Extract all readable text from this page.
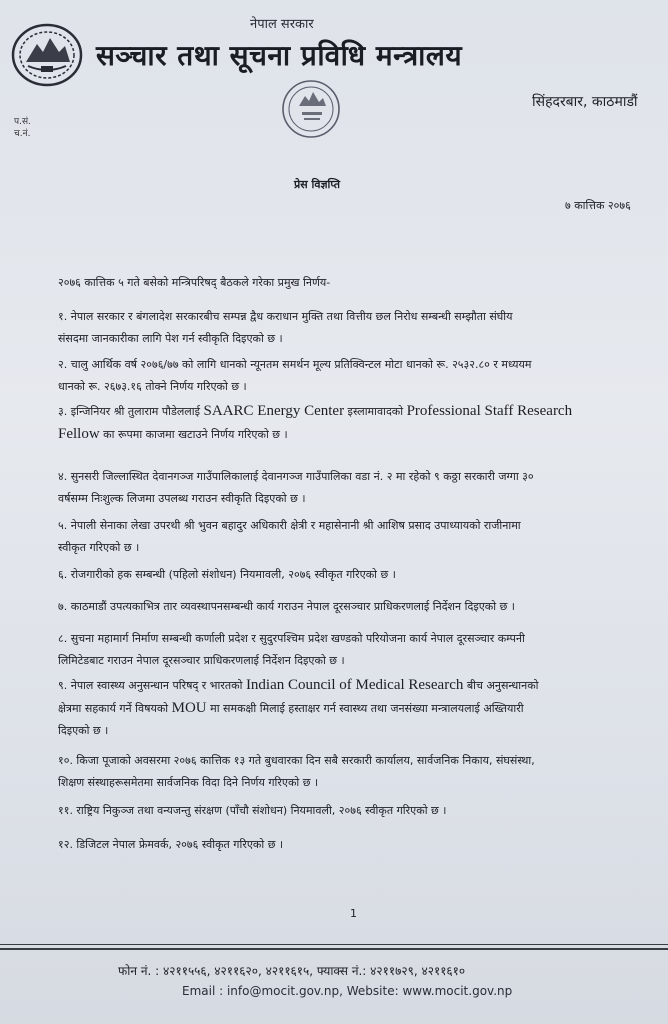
नेपाल सरकार
सञ्चार तथा सूचना प्रविधि मन्त्रालय
सिंहदरबार, काठमाडौं
प.सं.
च.नं.
प्रेस विज्ञप्ति
७ कात्तिक २०७६
२०७६ कात्तिक ५ गते बसेको मन्त्रिपरिषद् बैठकले गरेका प्रमुख निर्णय-
१. नेपाल सरकार र बंगलादेश सरकारबीच सम्पन्न द्वैध कराधान मुक्ति तथा वित्तीय छल निरोध सम्बन्धी सम्झौता संघीय
संसदमा जानकारीका लागि पेश गर्न स्वीकृति दिइएको छ ।
२. चालु आर्थिक वर्ष २०७६/७७ को लागि धानको न्यूनतम समर्थन मूल्य प्रतिक्विन्टल मोटा धानको रू. २५३२.८० र मध्ययम
धानको रू. २६७३.१६ तोक्ने निर्णय गरिएको छ ।
३. इन्जिनियर श्री तुलाराम पौडेललाई SAARC Energy Center इस्लामावादको Professional Staff Research
Fellow का रूपमा काजमा खटाउने निर्णय गरिएको छ ।
४. सुनसरी जिल्लास्थित देवानगञ्ज गाउँपालिकालाई देवानगञ्ज गाउँपालिका वडा नं. २ मा रहेको ९ कठ्ठा सरकारी जग्गा ३०
वर्षसम्म निःशुल्क लिजमा उपलब्ध गराउन स्वीकृति दिइएको छ ।
५. नेपाली सेनाका लेखा उपरथी श्री भुवन बहादुर अधिकारी क्षेत्री र महासेनानी श्री आशिष प्रसाद उपाध्यायको राजीनामा
स्वीकृत गरिएको छ ।
६. रोजगारीको हक सम्बन्धी (पहिलो संशोधन) नियमावली, २०७६ स्वीकृत गरिएको छ ।
७. काठमाडौं उपत्यकाभित्र तार व्यवस्थापनसम्बन्धी कार्य गराउन नेपाल दूरसञ्चार प्राधिकरणलाई निर्देशन दिइएको छ ।
८. सुचना महामार्ग निर्माण सम्बन्धी कर्णाली प्रदेश र सुदुरपश्चिम प्रदेश खण्डको परियोजना कार्य नेपाल दूरसञ्चार कम्पनी
लिमिटेडबाट गराउन नेपाल दूरसञ्चार प्राधिकरणलाई निर्देशन दिइएको छ ।
९. नेपाल स्वास्थ्य अनुसन्धान परिषद् र भारतको Indian Council of Medical Research बीच अनुसन्धानको
क्षेत्रमा सहकार्य गर्ने विषयको MOU मा समकक्षी मिलाई हस्ताक्षर गर्न स्वास्थ्य तथा जनसंख्या मन्त्रालयलाई अख्तियारी
दिइएको छ ।
१०. किजा पूजाको अवसरमा २०७६ कात्तिक १३ गते बुधवारका दिन सबै सरकारी कार्यालय, सार्वजनिक निकाय, संघसंस्था,
शिक्षण संस्थाहरूसमेतमा सार्वजनिक विदा दिने निर्णय गरिएको छ ।
११. राष्ट्रिय निकुञ्ज तथा वन्यजन्तु संरक्षण (पाँचौ संशोधन) नियमावली, २०७६ स्वीकृत गरिएको छ ।
१२. डिजिटल नेपाल फ्रेमवर्क, २०७६ स्वीकृत गरिएको छ ।
1
फोन नं. : ४२११५५६, ४२११६२०, ४२११६१५, फ्याक्स नं.: ४२११७२९, ४२११६१०
Email : info@mocit.gov.np, Website: www.mocit.gov.np
